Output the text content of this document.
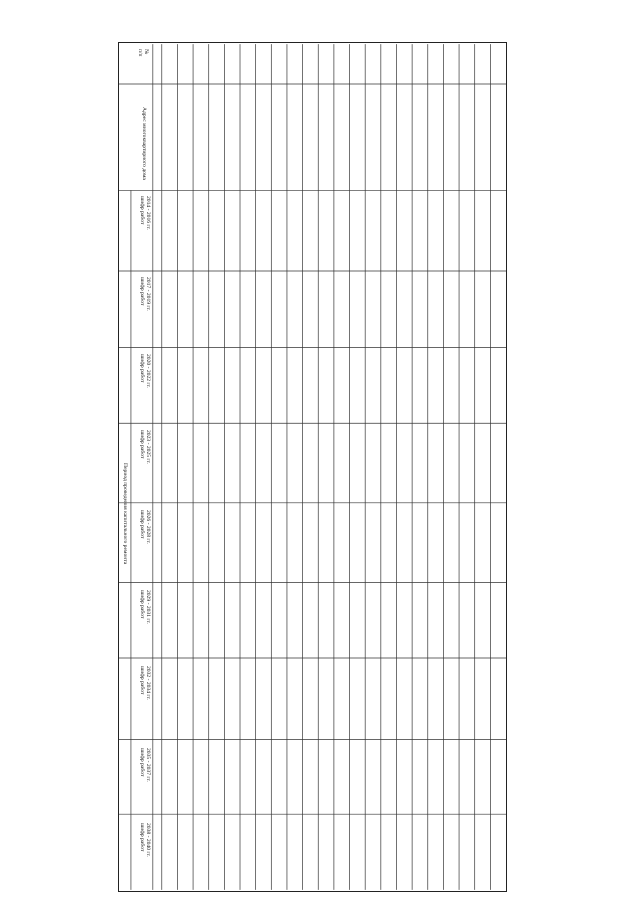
№
п/п
Адрес многоквартирного дома
Период проведения капитального ремонта
2014 - 2016 гг.
шифр работ
2017 - 2019 гг.
шифр работ
2020 - 2022 гг.
шифр работ
2023 - 2025 гг.
шифр работ
2026 - 2028 гг.
шифр работ
2029 - 2031 гг.
шифр работ
2032 - 2034 гг.
шифр работ
2035 - 2037 гг.
шифр работ
2038 - 2040 гг.
шифр работ
